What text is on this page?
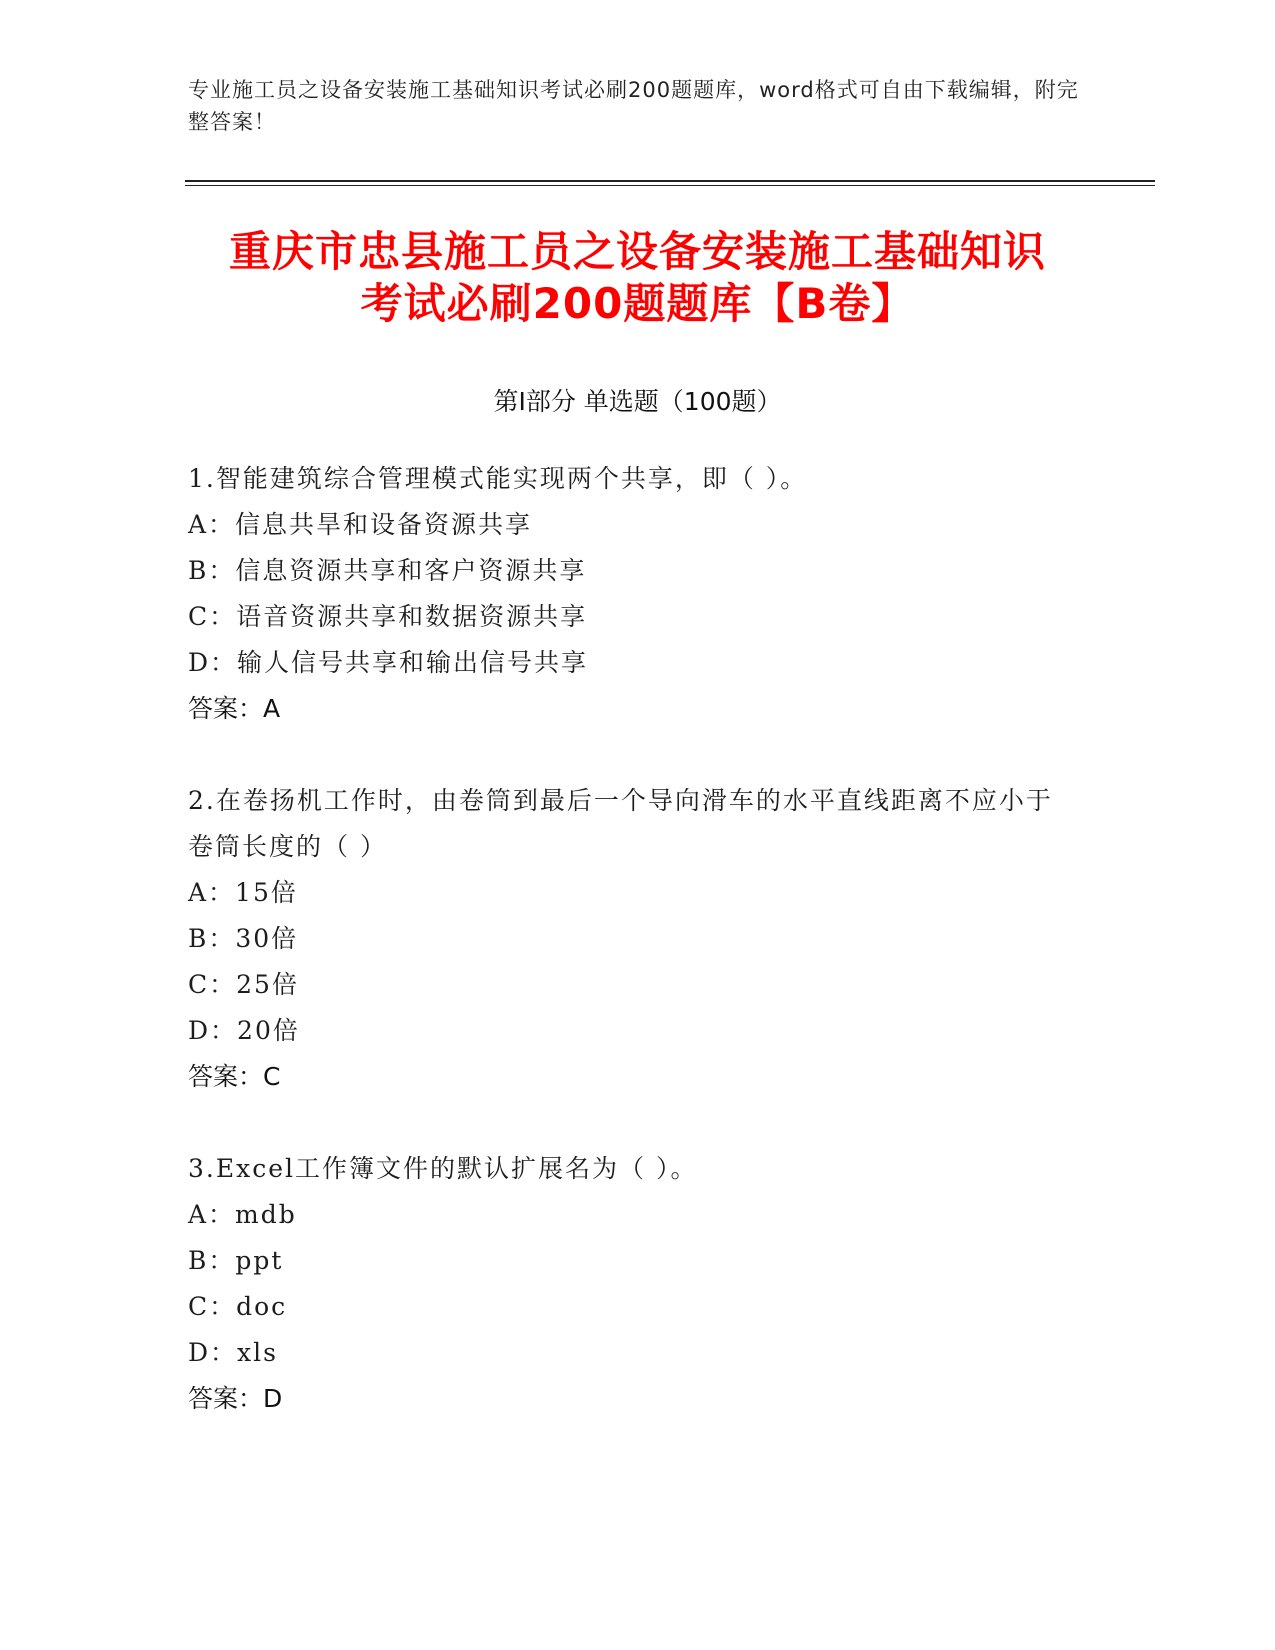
专业施工员之设备安装施工基础知识考试必刷200题题库，word格式可自由下载编辑，附完整答案！
重庆市忠县施工员之设备安装施工基础知识
考试必刷200题题库【B卷】
第I部分 单选题（100题）
1.智能建筑综合管理模式能实现两个共享，即（ ）。
A：信息共旱和设备资源共享
B：信息资源共享和客户资源共享
C：语音资源共享和数据资源共享
D：输人信号共享和输出信号共享
答案：A
2.在卷扬机工作时，由卷筒到最后一个导向滑车的水平直线距离不应小于卷筒长度的（ ）
A：15倍
B：30倍
C：25倍
D：20倍
答案：C
3.Excel工作簿文件的默认扩展名为（ ）。
A：mdb
B：ppt
C：doc
D：xls
答案：D
